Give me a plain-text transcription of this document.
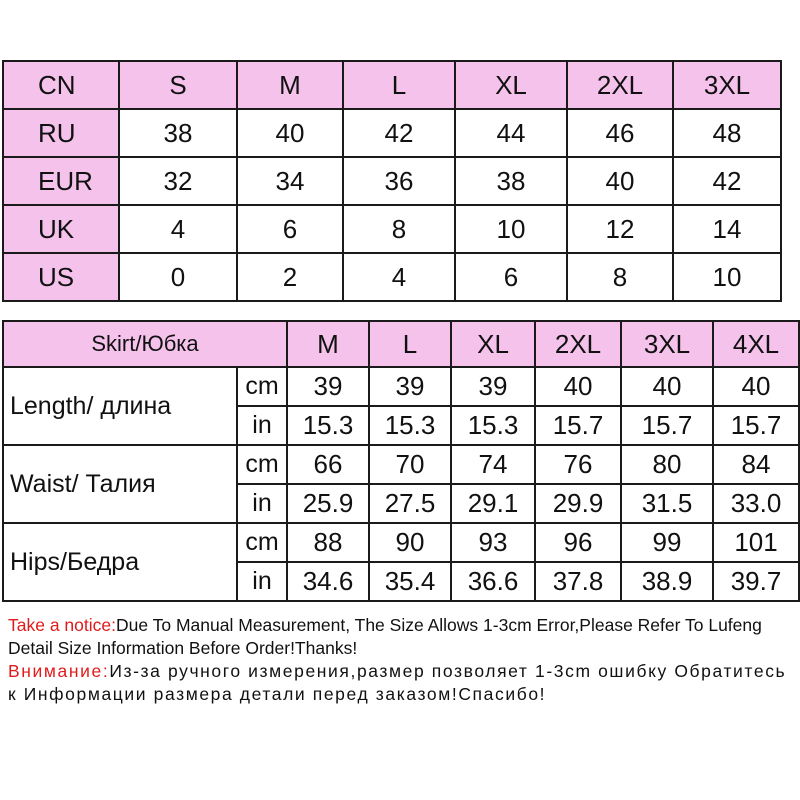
CN	S	M	L	XL	2XL	3XL
RU	38	40	42	44	46	48
EUR	32	34	36	38	40	42
UK	4	6	8	10	12	14
US	0	2	4	6	8	10
Skirt/Юбка		M	L	XL	2XL	3XL	4XL
Length/ длина	cm	39	39	39	40	40	40
	in	15.3	15.3	15.3	15.7	15.7	15.7
Waist/ Талия	cm	66	70	74	76	80	84
	in	25.9	27.5	29.1	29.9	31.5	33.0
Hips/Бедра	cm	88	90	93	96	99	101
	in	34.6	35.4	36.6	37.8	38.9	39.7

Take a notice:Due To Manual Measurement, The Size Allows 1-3cm Error,Please Refer To Lufeng Detail Size Information Before Order!Thanks!

Внимание:Из-за ручного измерения,размер позволяет 1-3cm ошибку Обратитесь к Информации размера детали перед заказом!Спасибо!
